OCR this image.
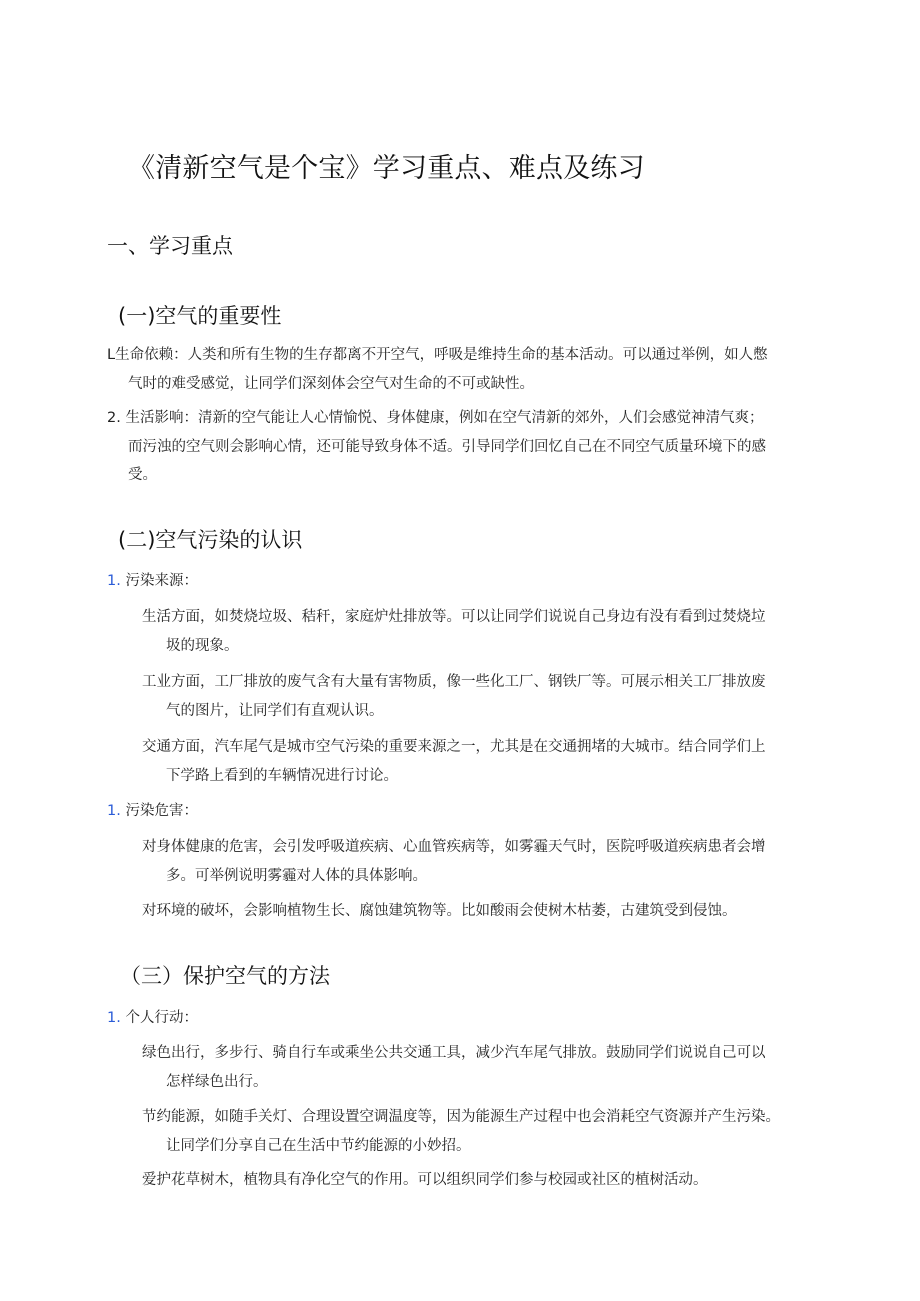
《清新空气是个宝》学习重点、难点及练习
一、学习重点
(一)空气的重要性
L生命依赖：人类和所有生物的生存都离不开空气，呼吸是维持生命的基本活动。可以通过举例，如人憋
气时的难受感觉，让同学们深刻体会空气对生命的不可或缺性。
2. 生活影响：清新的空气能让人心情愉悦、身体健康，例如在空气清新的郊外，人们会感觉神清气爽；
而污浊的空气则会影响心情，还可能导致身体不适。引导同学们回忆自己在不同空气质量环境下的感
受。
(二)空气污染的认识
1. 污染来源：
生活方面，如焚烧垃圾、秸秆，家庭炉灶排放等。可以让同学们说说自己身边有没有看到过焚烧垃
圾的现象。
工业方面，工厂排放的废气含有大量有害物质，像一些化工厂、钢铁厂等。可展示相关工厂排放废
气的图片，让同学们有直观认识。
交通方面，汽车尾气是城市空气污染的重要来源之一，尤其是在交通拥堵的大城市。结合同学们上
下学路上看到的车辆情况进行讨论。
1. 污染危害：
对身体健康的危害，会引发呼吸道疾病、心血管疾病等，如雾霾天气时，医院呼吸道疾病患者会增
多。可举例说明雾霾对人体的具体影响。
对环境的破坏，会影响植物生长、腐蚀建筑物等。比如酸雨会使树木枯萎，古建筑受到侵蚀。
（三）保护空气的方法
1. 个人行动：
绿色出行，多步行、骑自行车或乘坐公共交通工具，减少汽车尾气排放。鼓励同学们说说自己可以
怎样绿色出行。
节约能源，如随手关灯、合理设置空调温度等，因为能源生产过程中也会消耗空气资源并产生污染。
让同学们分享自己在生活中节约能源的小妙招。
爱护花草树木，植物具有净化空气的作用。可以组织同学们参与校园或社区的植树活动。
